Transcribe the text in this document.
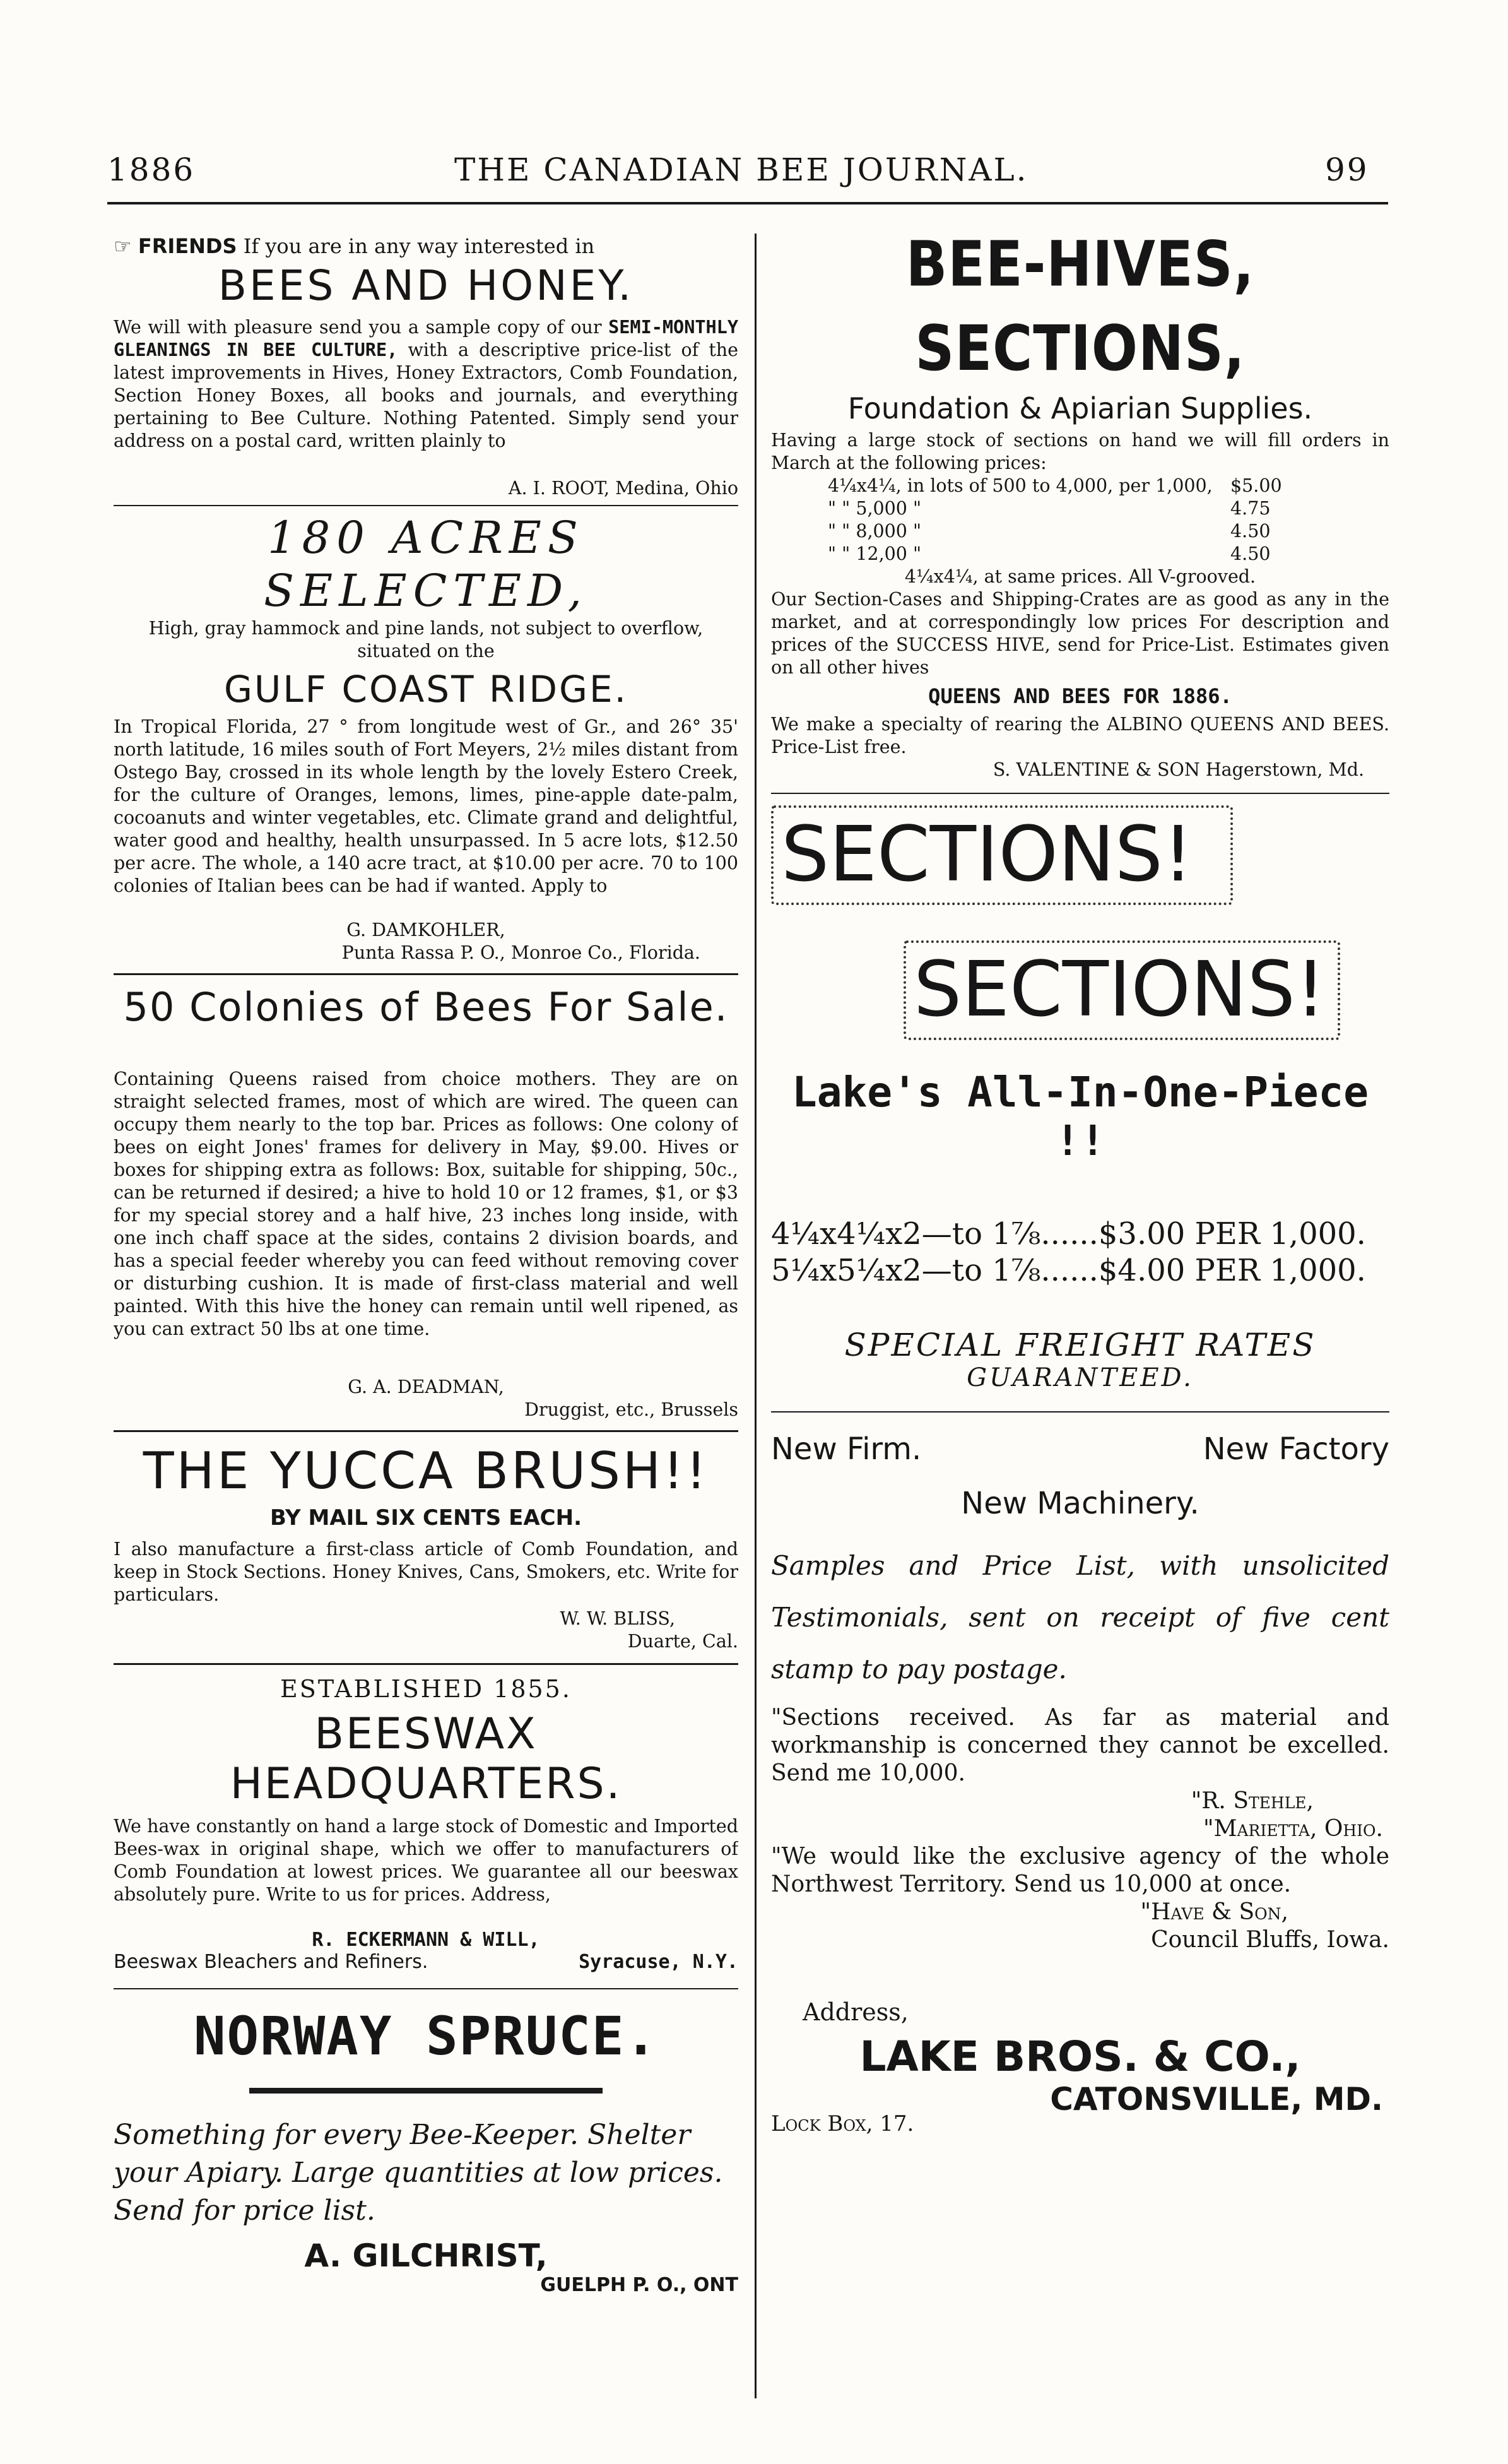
1886	THE CANADIAN BEE JOURNAL.	99
☞ FRIENDS If you are in any way interested in
BEES AND HONEY.
We will with pleasure send you a sample copy of our SEMI-MONTHLY GLEANINGS IN BEE CULTURE, with a descriptive price-list of the latest improvements in Hives, Honey Extractors, Comb Foundation, Section Honey Boxes, all books and journals, and everything pertaining to Bee Culture. Nothing Patented. Simply send your address on a postal card, written plainly to
A. I. ROOT, Medina, Ohio
180 ACRES SELECTED,
High, gray hammock and pine lands, not subject to overflow, situated on the
GULF COAST RIDGE.
In Tropical Florida, 27 ° from longitude west of Gr., and 26° 35' north latitude, 16 miles south of Fort Meyers, 2½ miles distant from Ostego Bay, crossed in its whole length by the lovely Estero Creek, for the culture of Oranges, lemons, limes, pine-apple date-palm, cocoanuts and winter vegetables, etc. Climate grand and delightful, water good and healthy, health unsurpassed. In 5 acre lots, $12.50 per acre. The whole, a 140 acre tract, at $10.00 per acre. 70 to 100 colonies of Italian bees can be had if wanted. Apply to
G. DAMKOHLER,
Punta Rassa P. O., Monroe Co., Florida.
50 Colonies of Bees For Sale.
Containing Queens raised from choice mothers. They are on straight selected frames, most of which are wired. The queen can occupy them nearly to the top bar. Prices as follows: One colony of bees on eight Jones' frames for delivery in May, $9.00. Hives or boxes for shipping extra as follows: Box, suitable for shipping, 50c., can be returned if desired; a hive to hold 10 or 12 frames, $1, or $3 for my special storey and a half hive, 23 inches long inside, with one inch chaff space at the sides, contains 2 division boards, and has a special feeder whereby you can feed without removing cover or disturbing cushion. It is made of first-class material and well painted. With this hive the honey can remain until well ripened, as you can extract 50 lbs at one time.
G. A. DEADMAN,
Druggist, etc., Brussels
THE YUCCA BRUSH!!
BY MAIL SIX CENTS EACH.
I also manufacture a first-class article of Comb Foundation, and keep in Stock Sections. Honey Knives, Cans, Smokers, etc. Write for particulars.
W. W. BLISS,
Duarte, Cal.
ESTABLISHED 1855.
BEESWAX HEADQUARTERS.
We have constantly on hand a large stock of Domestic and Imported Bees-wax in original shape, which we offer to manufacturers of Comb Foundation at lowest prices. We guarantee all our beeswax absolutely pure. Write to us for prices. Address,
R. ECKERMANN & WILL,
Beeswax Bleachers and Refiners.	Syracuse, N.Y.
NORWAY SPRUCE.
Something for every Bee-Keeper. Shelter your Apiary. Large quantities at low prices. Send for price list.
A. GILCHRIST,
GUELPH P. O., ONT
BEE-HIVES, SECTIONS,
Foundation & Apiarian Supplies.
Having a large stock of sections on hand we will fill orders in March at the following prices:
4¼x4¼, in lots of 500 to 4,000, per 1,000, $5.00
" " 5,000 "	4.75
" " 8,000 "	4.50
" " 12,00 "	4.50
4¼x4¼, at same prices. All V-grooved.
Our Section-Cases and Shipping-Crates are as good as any in the market, and at correspondingly low prices For description and prices of the SUCCESS HIVE, send for Price-List. Estimates given on all other hives
QUEENS AND BEES FOR 1886.
We make a specialty of rearing the ALBINO QUEENS AND BEES. Price-List free.
S. VALENTINE & SON Hagerstown, Md.
SECTIONS!
SECTIONS!
Lake's All-In-One-Piece !!
4¼x4¼x2—to 1⅞......$3.00 PER 1,000.
5¼x5¼x2—to 1⅞......$4.00 PER 1,000.
SPECIAL FREIGHT RATES
GUARANTEED.
New Firm.	New Factory
New Machinery.
Samples and Price List, with unsolicited Testimonials, sent on receipt of five cent stamp to pay postage.
"Sections received. As far as material and workmanship is concerned they cannot be excelled. Send me 10,000.
"R. Stehle,
"Marietta, Ohio.
"We would like the exclusive agency of the whole Northwest Territory. Send us 10,000 at once.
"Have & Son,
Council Bluffs, Iowa.
Address,
LAKE BROS. & CO.,
CATONSVILLE, MD.
Lock Box, 17.
